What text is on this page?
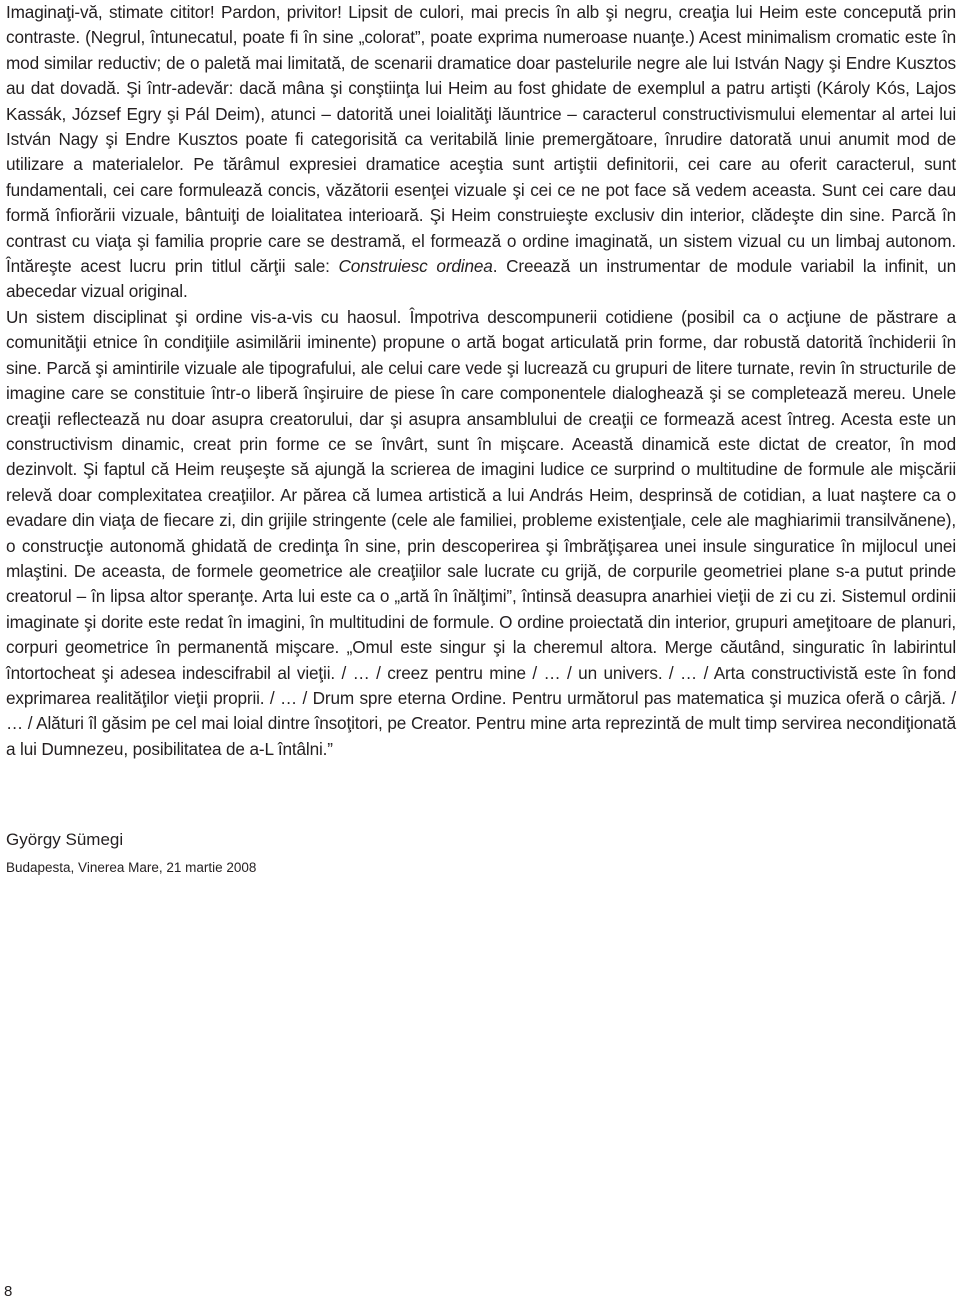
Imaginaţi-vă, stimate cititor! Pardon, privitor! Lipsit de culori, mai precis în alb şi negru, creaţia lui Heim este concepută prin contraste. (Negrul, întunecatul, poate fi în sine „colorat”, poate exprima numeroase nuanţe.) Acest minimalism cromatic este în mod similar reductiv; de o paletă mai limitată, de scenarii dramatice doar pastelurile negre ale lui István Nagy şi Endre Kusztos au dat dovadă. Şi într-adevăr: dacă mâna şi conştiinţa lui Heim au fost ghidate de exemplul a patru artişti (Károly Kós, Lajos Kassák, József Egry şi Pál Deim), atunci – datorită unei loialităţi lăuntrice – caracterul constructivismului elementar al artei lui István Nagy şi Endre Kusztos poate fi categorisită ca veritabilă linie premergătoare, înrudire datorată unui anumit mod de utilizare a materialelor. Pe tărâmul expresiei dramatice aceştia sunt artiştii definitorii, cei care au oferit caracterul, sunt fundamentali, cei care formulează concis, văzătorii esenţei vizuale şi cei ce ne pot face să vedem aceasta. Sunt cei care dau formă înfiorării vizuale, bântuiţi de loialitatea interioară. Şi Heim construieşte exclusiv din interior, clădeşte din sine. Parcă în contrast cu viaţa şi familia proprie care se destramă, el formează o ordine imaginată, un sistem vizual cu un limbaj autonom. Întăreşte acest lucru prin titlul cărţii sale: Construiesc ordinea. Creează un instrumentar de module variabil la infinit, un abecedar vizual original.

Un sistem disciplinat şi ordine vis-a-vis cu haosul. Împotriva descompunerii cotidiene (posibil ca o acţiune de păstrare a comunităţii etnice în condiţiile asimilării iminente) propune o artă bogat articulată prin forme, dar robustă datorită închiderii în sine. Parcă şi amintirile vizuale ale tipografului, ale celui care vede şi lucrează cu grupuri de litere turnate, revin în structurile de imagine care se constituie într-o liberă înşiruire de piese în care componentele dialoghează şi se completează mereu. Unele creaţii reflectează nu doar asupra creatorului, dar şi asupra ansamblului de creaţii ce formează acest întreg. Acesta este un constructivism dinamic, creat prin forme ce se învârt, sunt în mişcare. Această dinamică este dictat de creator, în mod dezinvolt. Şi faptul că Heim reuşeşte să ajungă la scrierea de imagini ludice ce surprind o multitudine de formule ale mişcării relevă doar complexitatea creaţiilor. Ar părea că lumea artistică a lui András Heim, desprinsă de cotidian, a luat naştere ca o evadare din viaţa de fiecare zi, din grijile stringente (cele ale familiei, probleme existenţiale, cele ale maghiarimii transilvănene), o construcţie autonomă ghidată de credinţa în sine, prin descoperirea şi îmbrăţişarea unei insule singuratice în mijlocul unei mlaştini. De aceasta, de formele geometrice ale creaţiilor sale lucrate cu grijă, de corpurile geometriei plane s-a putut prinde creatorul – în lipsa altor speranţe. Arta lui este ca o „artă în înălţimi”, întinsă deasupra anarhiei vieţii de zi cu zi. Sistemul ordinii imaginate şi dorite este redat în imagini, în multitudini de formule. O ordine proiectată din interior, grupuri ameţitoare de planuri, corpuri geometrice în permanentă mişcare. „Omul este singur şi la cheremul altora. Merge căutând, singuratic în labirintul întortocheat şi adesea indescifrabil al vieţii. / … / creez pentru mine / … / un univers. / … / Arta constructivistă este în fond exprimarea realităţilor vieţii proprii. / … / Drum spre eterna Ordine. Pentru următorul pas matematica şi muzica oferă o cârjă. / … / Alături îl găsim pe cel mai loial dintre însoţitori, pe Creator. Pentru mine arta reprezintă de mult timp servirea necondiţionată a lui Dumnezeu, posibilitatea de a-L întâlni.”

György Sümegi

Budapesta, Vinerea Mare, 21 martie 2008

8
